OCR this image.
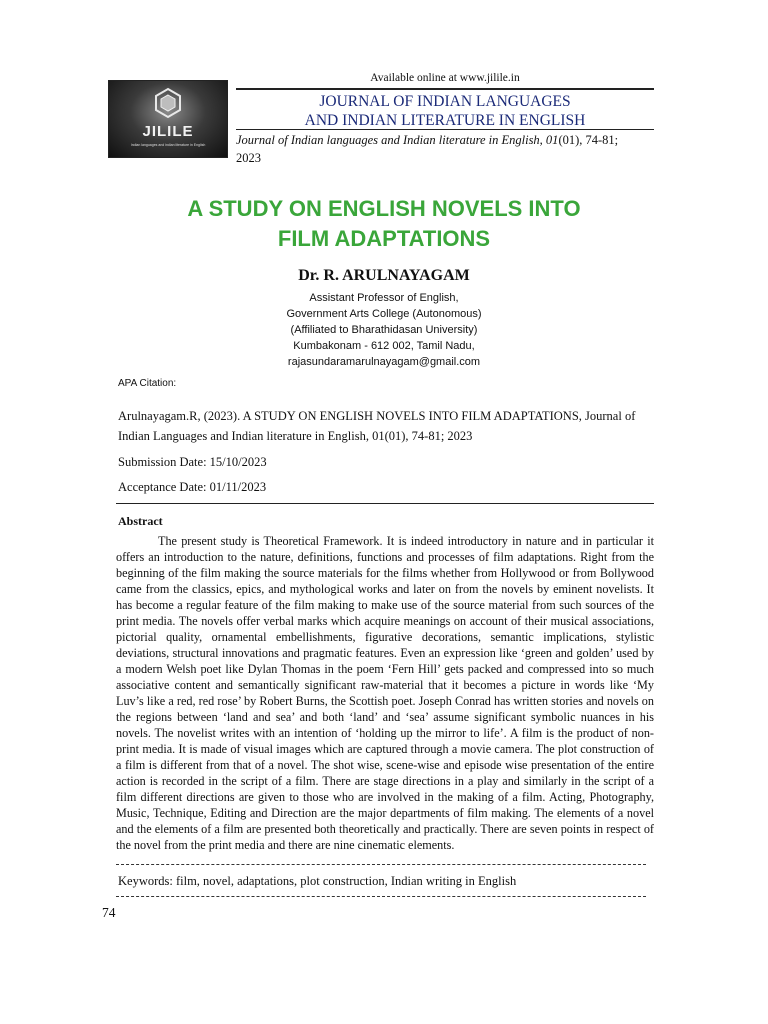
JILILE
Indian languages and indian literature in English
Available online at www.jilile.in
JOURNAL OF INDIAN LANGUAGES
AND INDIAN LITERATURE IN ENGLISH
Journal of Indian languages and Indian literature in English, 01(01), 74-81;
2023
A STUDY ON ENGLISH NOVELS INTO
FILM ADAPTATIONS
Dr. R. ARULNAYAGAM
Assistant Professor of English,
Government Arts College (Autonomous)
(Affiliated to Bharathidasan University)
Kumbakonam - 612 002, Tamil Nadu,
rajasundaramarulnayagam@gmail.com
APA Citation:
Arulnayagam.R, (2023). A STUDY ON ENGLISH NOVELS INTO FILM ADAPTATIONS, Journal of Indian Languages and Indian literature in English, 01(01), 74-81; 2023
Submission Date: 15/10/2023
Acceptance Date: 01/11/2023
Abstract
The present study is Theoretical Framework. It is indeed introductory in nature and in particular it offers an introduction to the nature, definitions, functions and processes of film adaptations. Right from the beginning of the film making the source materials for the films whether from Hollywood or from Bollywood came from the classics, epics, and mythological works and later on from the novels by eminent novelists. It has become a regular feature of the film making to make use of the source material from such sources of the print media. The novels offer verbal marks which acquire meanings on account of their musical associations, pictorial quality, ornamental embellishments, figurative decorations, semantic implications, stylistic deviations, structural innovations and pragmatic features. Even an expression like ‘green and golden’ used by a modern Welsh poet like Dylan Thomas in the poem ‘Fern Hill’ gets packed and compressed into so much associative content and semantically significant raw-material that it becomes a picture in words like ‘My Luv’s like a red, red rose’ by Robert Burns, the Scottish poet. Joseph Conrad has written stories and novels on the regions between ‘land and sea’ and both ‘land’ and ‘sea’ assume significant symbolic nuances in his novels. The novelist writes with an intention of ‘holding up the mirror to life’. A film is the product of non-print media. It is made of visual images which are captured through a movie camera. The plot construction of a film is different from that of a novel. The shot wise, scene-wise and episode wise presentation of the entire action is recorded in the script of a film. There are stage directions in a play and similarly in the script of a film different directions are given to those who are involved in the making of a film. Acting, Photography, Music, Technique, Editing and Direction are the major departments of film making. The elements of a novel and the elements of a film are presented both theoretically and practically. There are seven points in respect of the novel from the print media and there are nine cinematic elements.
Keywords: film, novel, adaptations, plot construction, Indian writing in English
74
